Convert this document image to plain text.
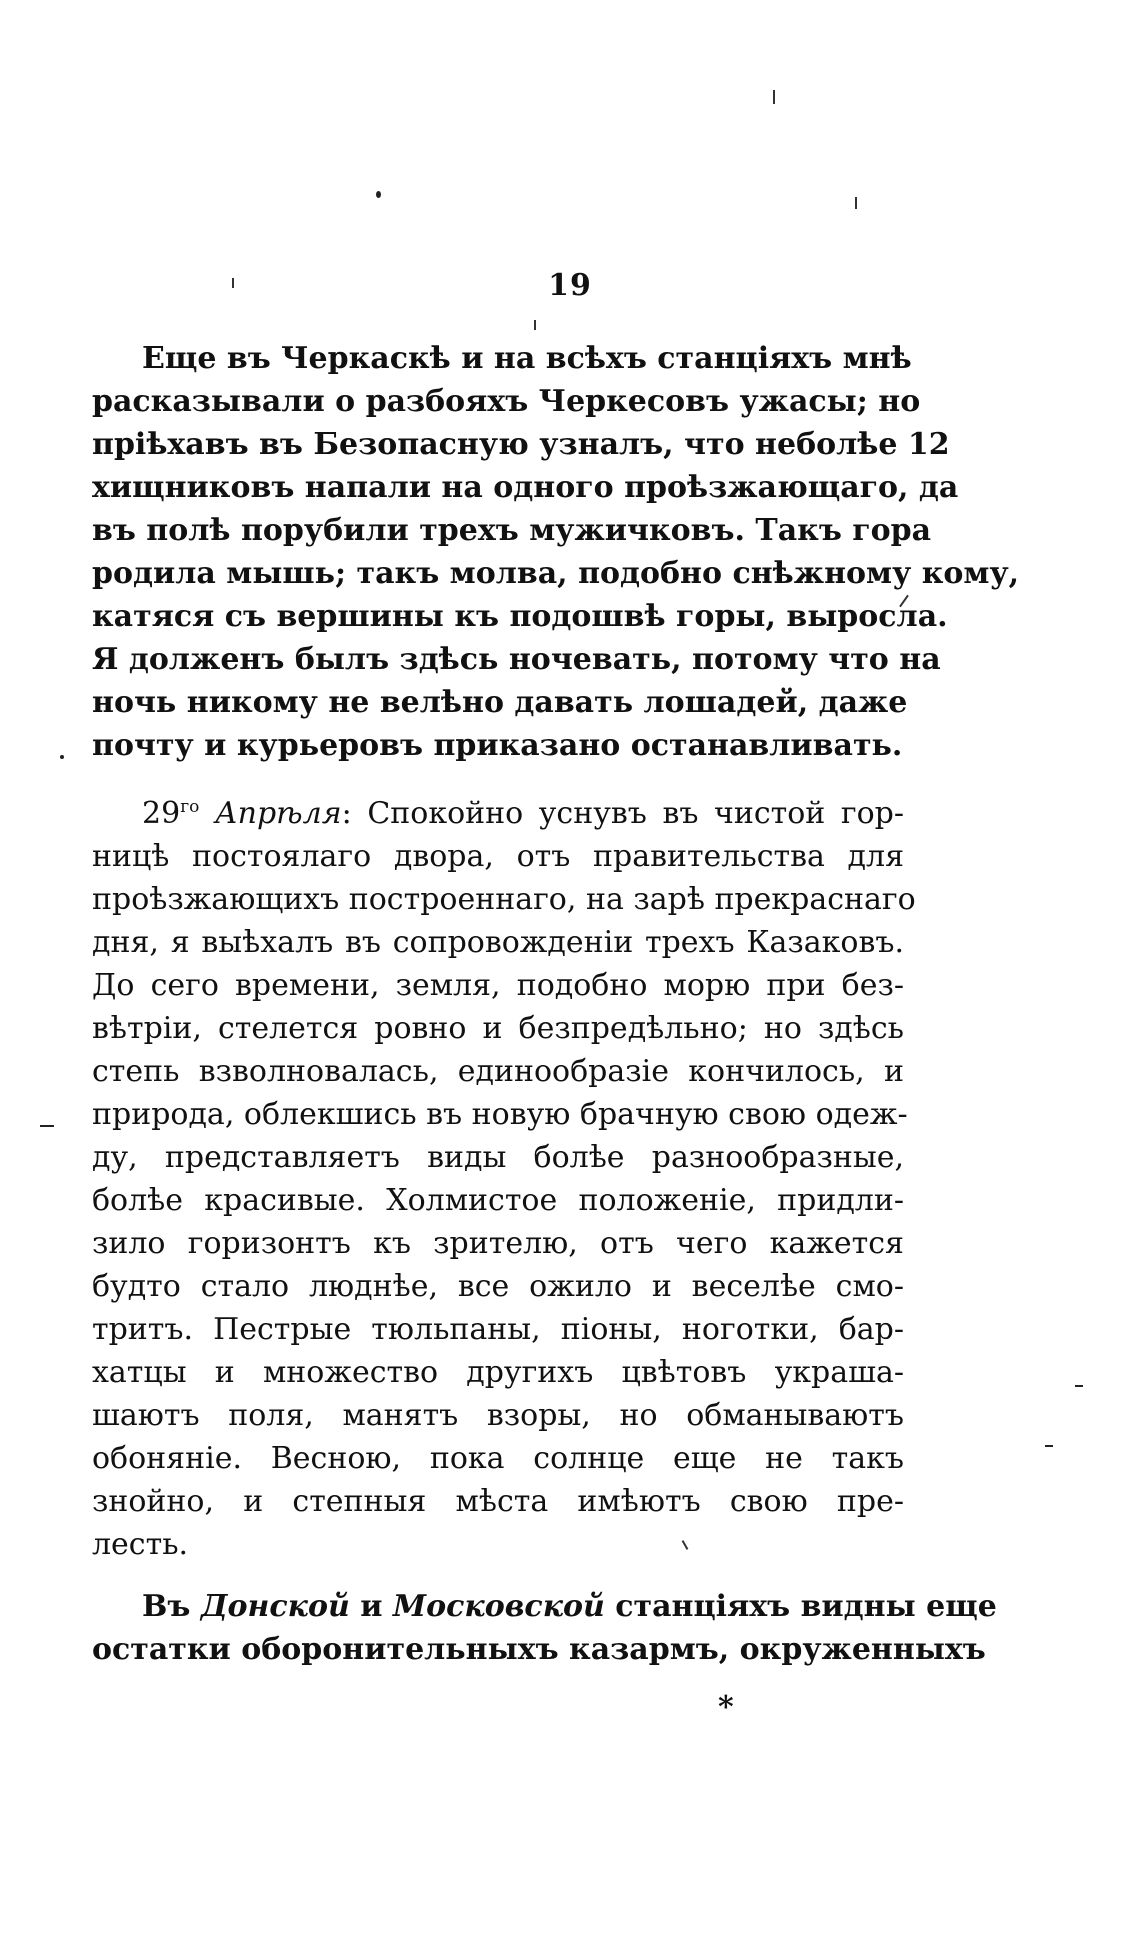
19
Еще въ Черкаскѣ и на всѣхъ станціяхъ мнѣ
расказывали о разбояхъ Черкесовъ ужасы; но
пріѣхавъ въ Безопасную узналъ, что неболѣе 12
хищниковъ напали на одного проѣзжающаго, да
въ полѣ порубили трехъ мужичковъ. Такъ гора
родила мышь; такъ молва, подобно снѣжному кому,
катяся съ вершины къ подошвѣ горы, выросла.
Я долженъ былъ здѣсь ночевать, потому что на
ночь никому не велѣно давать лошадей, даже
почту и курьеровъ приказано останавливать.
$29^{го}$ Апрѣля: Спокойно уснувъ въ чистой гор-
ницѣ постоялаго двора, отъ правительства для
проѣзжающихъ построеннаго, на зарѣ прекраснаго
дня, я выѣхалъ въ сопровожденіи трехъ Казаковъ.
До сего времени, земля, подобно морю при без-
вѣтріи, стелется ровно и безпредѣльно; но здѣсь
степь взволновалась, единообразіе кончилось, и
природа, облекшись въ новую брачную свою одеж-
ду, представляетъ виды болѣе разнообразные,
болѣе красивые. Холмистое положеніе, придли-
зило горизонтъ къ зрителю, отъ чего кажется
будто стало люднѣе, все ожило и веселѣе смо-
тритъ. Пестрые тюльпаны, піоны, ноготки, бар-
хатцы и множество другихъ цвѣтовъ украша-
шаютъ поля, манятъ взоры, но обманываютъ
обоняніе. Весною, пока солнце еще не такъ
знойно, и степныя мѣста имѣютъ свою пре-
лесть.
Въ Донской и Московской станціяхъ видны еще
остатки оборонительныхъ казармъ, окруженныхъ
*
